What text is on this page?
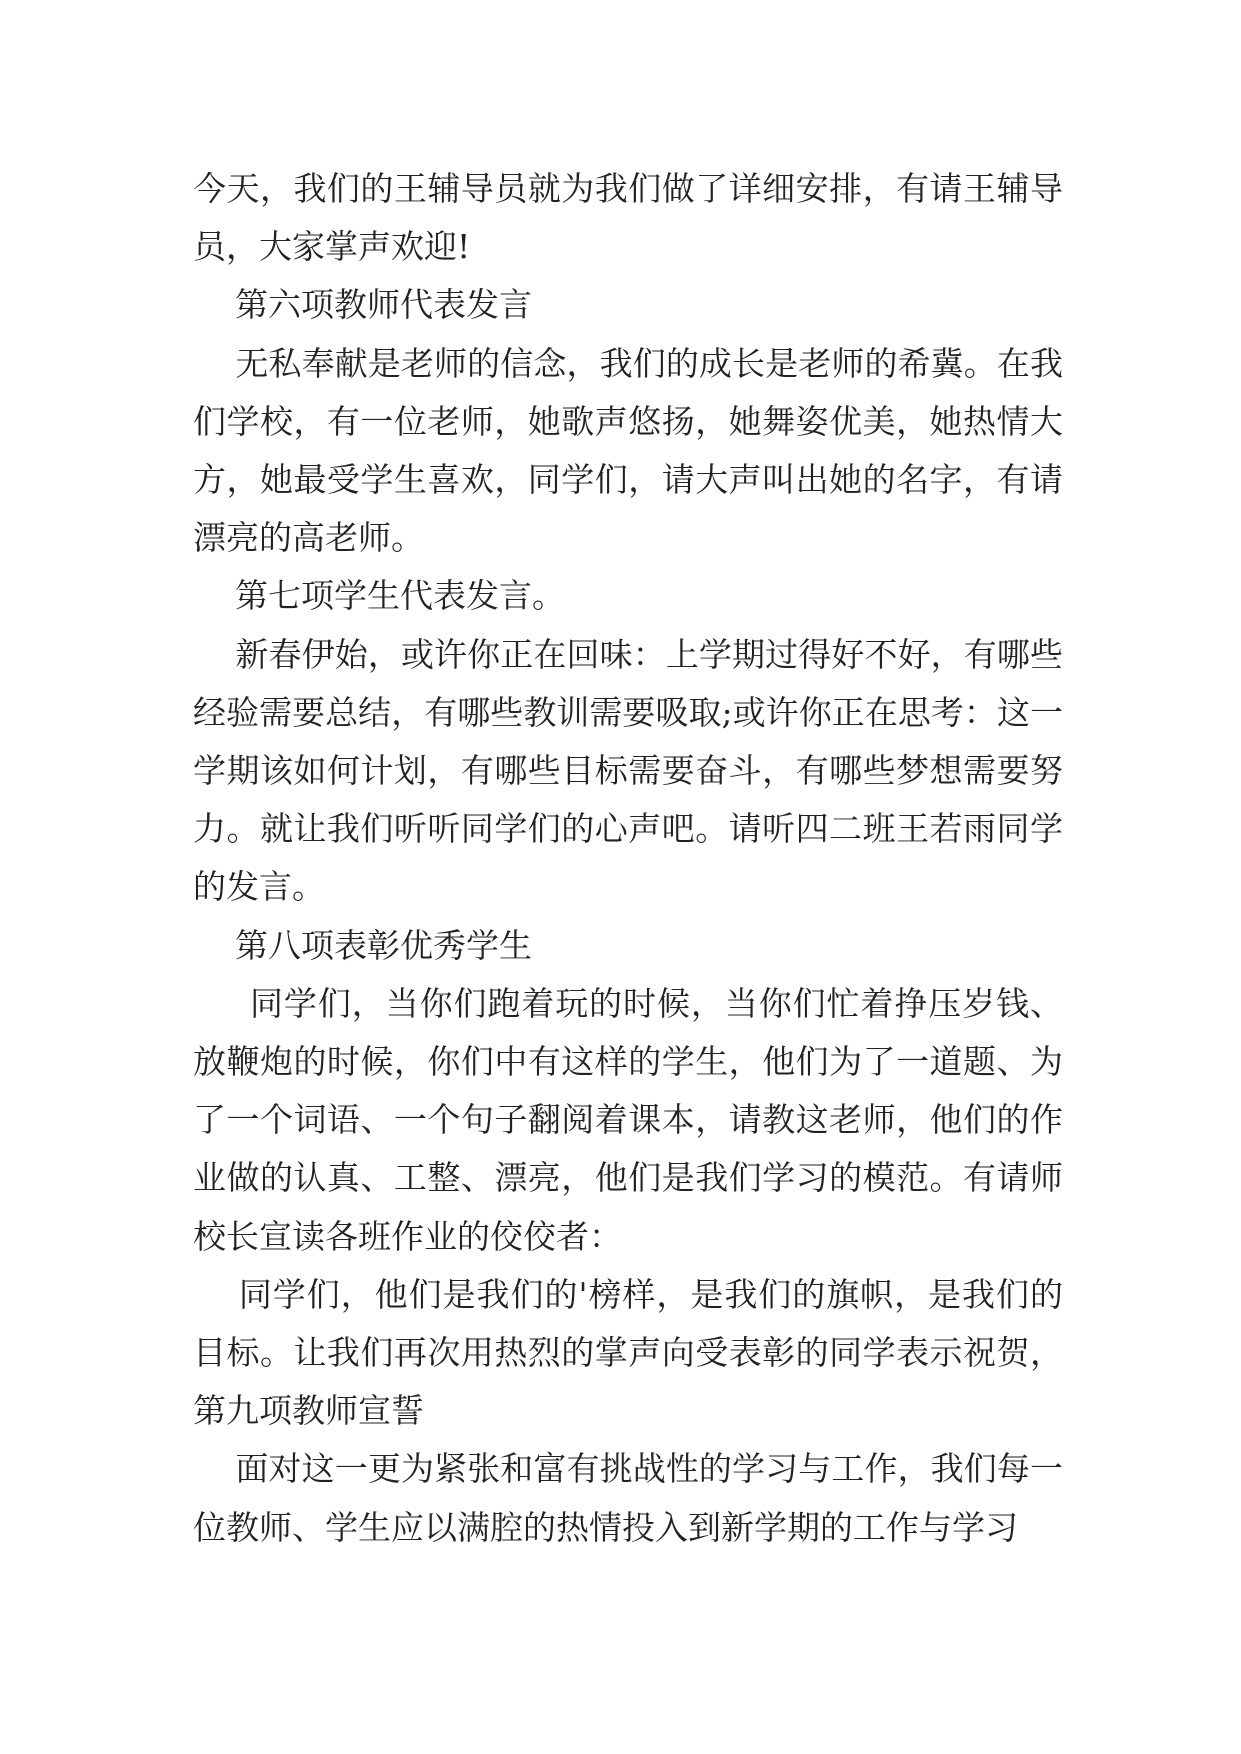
今天，我们的王辅导员就为我们做了详细安排，有请王辅导员，大家掌声欢迎!

第六项教师代表发言

无私奉献是老师的信念，我们的成长是老师的希冀。在我们学校，有一位老师，她歌声悠扬，她舞姿优美，她热情大方，她最受学生喜欢，同学们，请大声叫出她的名字，有请漂亮的高老师。

第七项学生代表发言。

新春伊始，或许你正在回味：上学期过得好不好，有哪些经验需要总结，有哪些教训需要吸取;或许你正在思考：这一学期该如何计划，有哪些目标需要奋斗，有哪些梦想需要努力。就让我们听听同学们的心声吧。请听四二班王若雨同学的发言。

第八项表彰优秀学生

同学们，当你们跑着玩的时候，当你们忙着挣压岁钱、放鞭炮的时候，你们中有这样的学生，他们为了一道题、为了一个词语、一个句子翻阅着课本，请教这老师，他们的作业做的认真、工整、漂亮，他们是我们学习的模范。有请师校长宣读各班作业的佼佼者：

同学们，他们是我们的'榜样，是我们的旗帜，是我们的目标。让我们再次用热烈的掌声向受表彰的同学表示祝贺，第九项教师宣誓

面对这一更为紧张和富有挑战性的学习与工作，我们每一位教师、学生应以满腔的热情投入到新学期的工作与学习
